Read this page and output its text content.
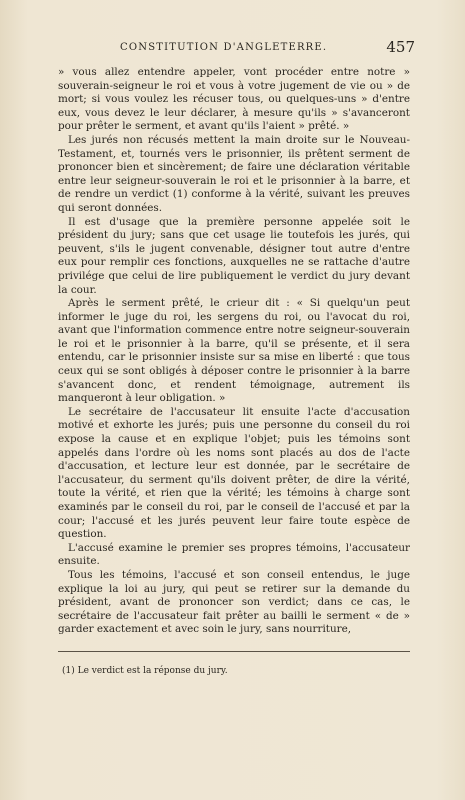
CONSTITUTION D'ANGLETERRE.	457

» vous allez entendre appeler, vont procéder entre notre » souverain-seigneur le roi et vous à votre jugement de vie ou » de mort; si vous voulez les récuser tous, ou quelques-uns » d'entre eux, vous devez le leur déclarer, à mesure qu'ils » s'avanceront pour prêter le serment, et avant qu'ils l'aient » prêté. »

Les jurés non récusés mettent la main droite sur le Nouveau-Testament, et, tournés vers le prisonnier, ils prêtent serment de prononcer bien et sincèrement; de faire une déclaration véritable entre leur seigneur-souverain le roi et le prisonnier à la barre, et de rendre un verdict (1) conforme à la vérité, suivant les preuves qui seront données.

Il est d'usage que la première personne appelée soit le président du jury; sans que cet usage lie toutefois les jurés, qui peuvent, s'ils le jugent convenable, désigner tout autre d'entre eux pour remplir ces fonctions, auxquelles ne se rattache d'autre privilége que celui de lire publiquement le verdict du jury devant la cour.

Après le serment prêté, le crieur dit : « Si quelqu'un peut informer le juge du roi, les sergens du roi, ou l'avocat du roi, avant que l'information commence entre notre seigneur-souverain le roi et le prisonnier à la barre, qu'il se présente, et il sera entendu, car le prisonnier insiste sur sa mise en liberté : que tous ceux qui se sont obligés à déposer contre le prisonnier à la barre s'avancent donc, et rendent témoignage, autrement ils manqueront à leur obligation. »

Le secrétaire de l'accusateur lit ensuite l'acte d'accusation motivé et exhorte les jurés; puis une personne du conseil du roi expose la cause et en explique l'objet; puis les témoins sont appelés dans l'ordre où les noms sont placés au dos de l'acte d'accusation, et lecture leur est donnée, par le secrétaire de l'accusateur, du serment qu'ils doivent prêter, de dire la vérité, toute la vérité, et rien que la vérité; les témoins à charge sont examinés par le conseil du roi, par le conseil de l'accusé et par la cour; l'accusé et les jurés peuvent leur faire toute espèce de question.

L'accusé examine le premier ses propres témoins, l'accusateur ensuite.

Tous les témoins, l'accusé et son conseil entendus, le juge explique la loi au jury, qui peut se retirer sur la demande du président, avant de prononcer son verdict; dans ce cas, le secrétaire de l'accusateur fait prêter au bailli le serment « de » garder exactement et avec soin le jury, sans nourriture,

(1) Le verdict est la réponse du jury.
